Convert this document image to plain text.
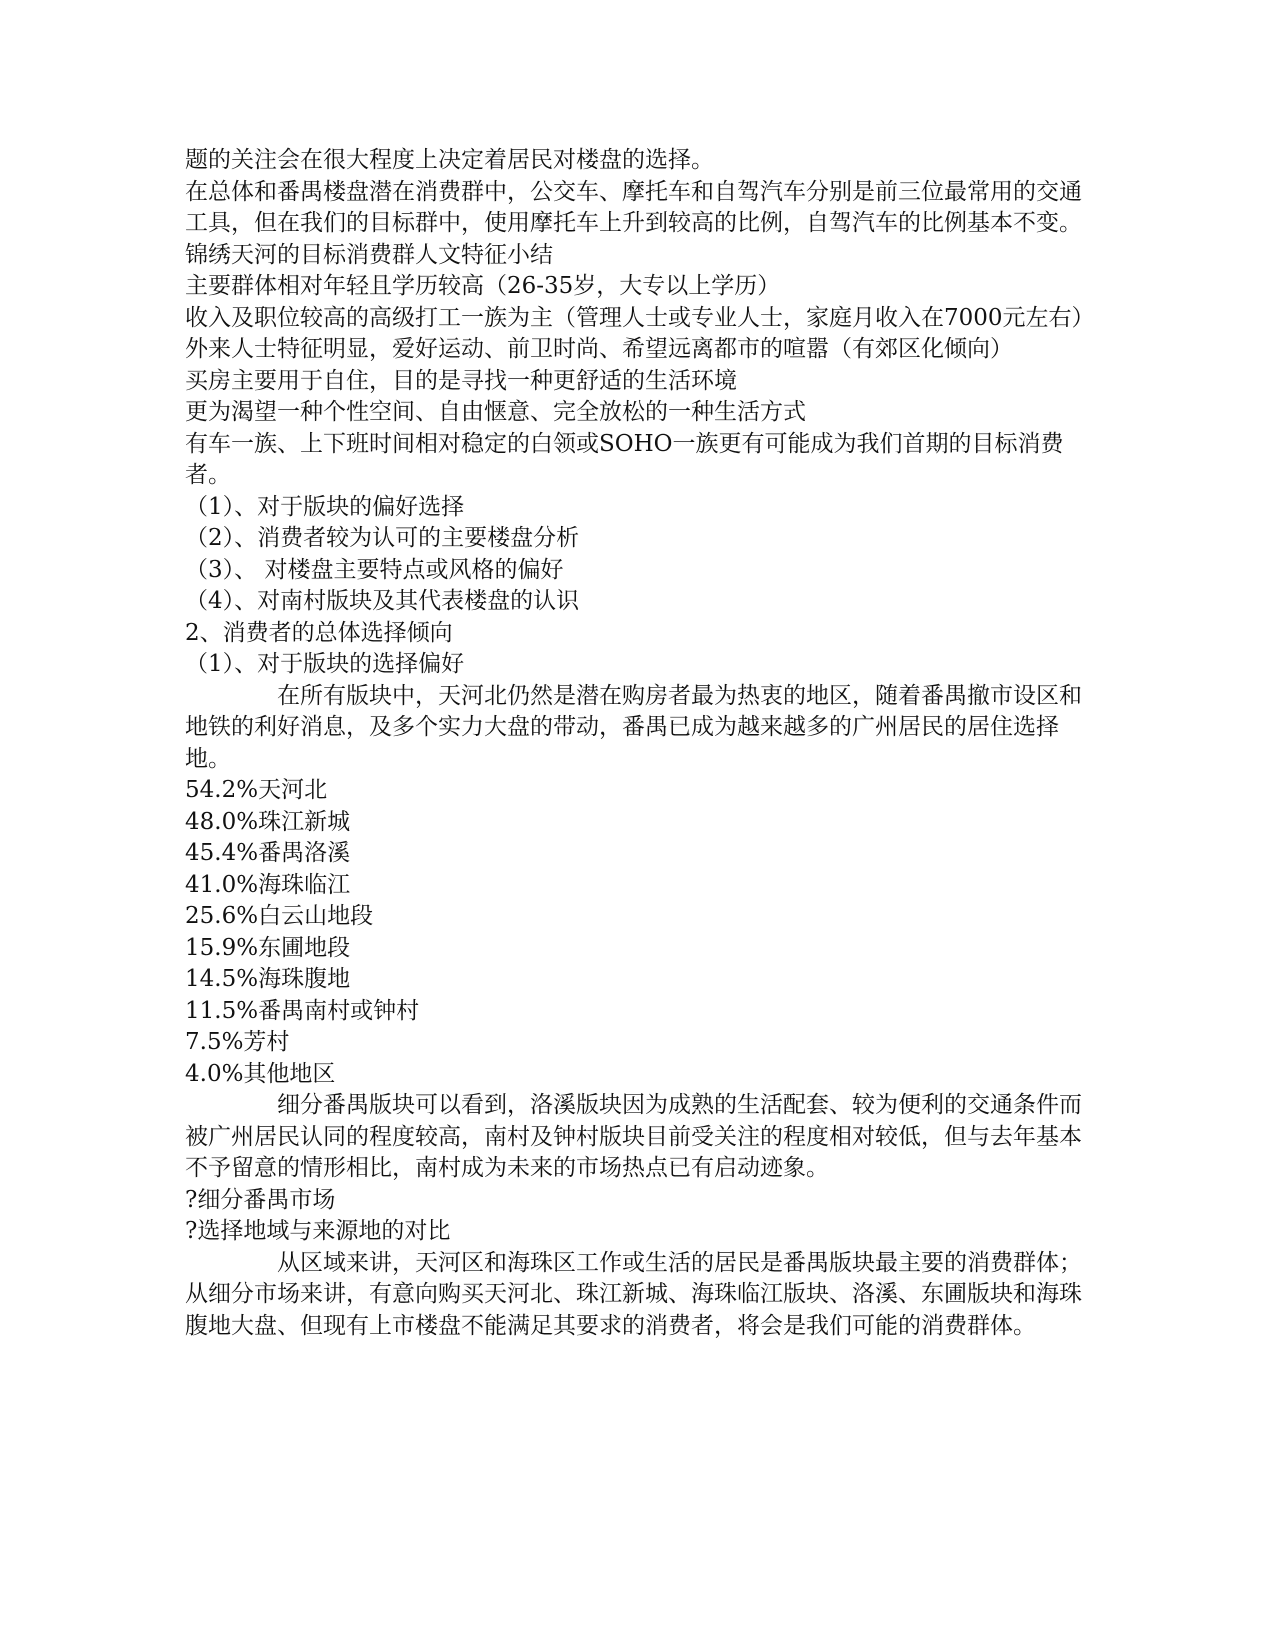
题的关注会在很大程度上决定着居民对楼盘的选择。

在总体和番禺楼盘潜在消费群中，公交车、摩托车和自驾汽车分别是前三位最常用的交通工具，但在我们的目标群中，使用摩托车上升到较高的比例，自驾汽车的比例基本不变。

锦绣天河的目标消费群人文特征小结

主要群体相对年轻且学历较高（26-35岁，大专以上学历）

收入及职位较高的高级打工一族为主（管理人士或专业人士，家庭月收入在7000元左右）

外来人士特征明显，爱好运动、前卫时尚、希望远离都市的喧嚣（有郊区化倾向）

买房主要用于自住，目的是寻找一种更舒适的生活环境

更为渴望一种个性空间、自由惬意、完全放松的一种生活方式

有车一族、上下班时间相对稳定的白领或SOHO一族更有可能成为我们首期的目标消费者。

（1）、对于版块的偏好选择

（2）、消费者较为认可的主要楼盘分析

（3）、 对楼盘主要特点或风格的偏好

（4）、对南村版块及其代表楼盘的认识

2、消费者的总体选择倾向

（1）、对于版块的选择偏好

在所有版块中，天河北仍然是潜在购房者最为热衷的地区，随着番禺撤市设区和地铁的利好消息，及多个实力大盘的带动，番禺已成为越来越多的广州居民的居住选择地。

54.2%天河北

48.0%珠江新城

45.4%番禺洛溪

41.0%海珠临江

25.6%白云山地段

15.9%东圃地段

14.5%海珠腹地

11.5%番禺南村或钟村

7.5%芳村

4.0%其他地区

细分番禺版块可以看到，洛溪版块因为成熟的生活配套、较为便利的交通条件而被广州居民认同的程度较高，南村及钟村版块目前受关注的程度相对较低，但与去年基本不予留意的情形相比，南村成为未来的市场热点已有启动迹象。

?细分番禺市场

?选择地域与来源地的对比

从区域来讲，天河区和海珠区工作或生活的居民是番禺版块最主要的消费群体；从细分市场来讲，有意向购买天河北、珠江新城、海珠临江版块、洛溪、东圃版块和海珠腹地大盘、但现有上市楼盘不能满足其要求的消费者，将会是我们可能的消费群体。
